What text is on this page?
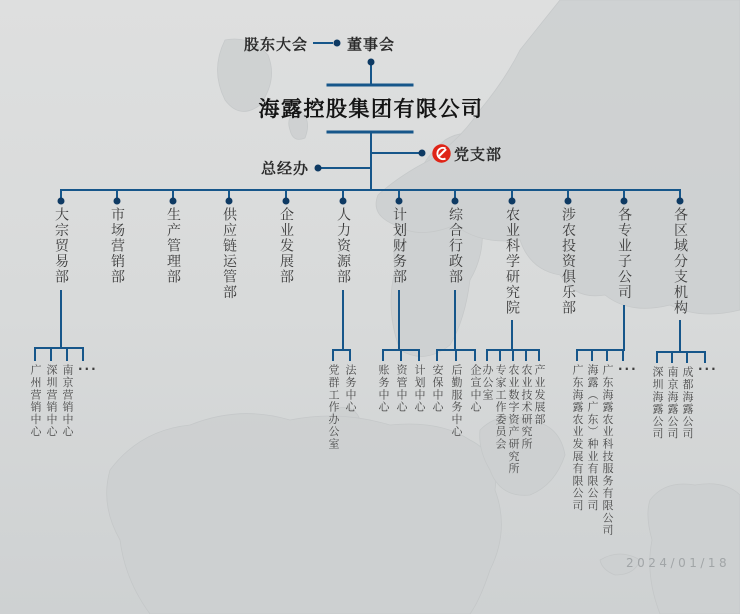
股东大会	董事会
海露控股集团有限公司
总经办
党支部
大宗贸易部	市场营销部	生产管理部	供应链运管部	企业发展部	人力资源部	计划财务部	综合行政部	农业科学研究院	涉农投资俱乐部	各专业子公司	各区域分支机构
广州营销中心 深圳营销中心 南京营销中心 ···	党群工作办公室 法务中心 账务中心 资管中心 计划中心 安保中心 后勤服务中心 企宣中心 办公室 专家工作委员会 农业数字资产研究所 农业技术研究所 产业发展部 广东海露农业发展有限公司 海露（广东）种业有限公司 广东海露农业科技服务有限公司 ··· 深圳海露公司 南京海露公司 成都海露公司 ···
2024/01/18
